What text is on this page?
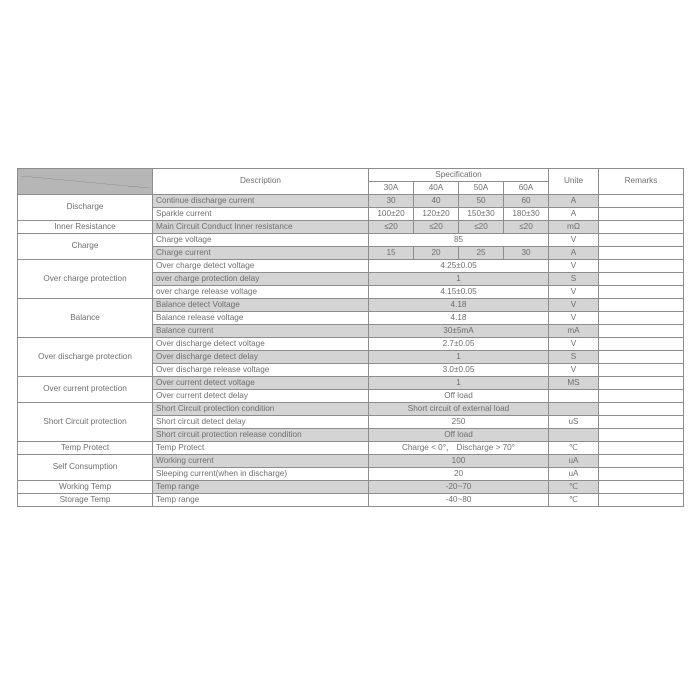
	Description	Specification				Unite	Remarks
		30A	40A	50A	60A		
Discharge	Continue discharge current	30	40	50	60	A	
	Sparkle current	100±20	120±20	150±30	180±30	A	
Inner Resistance	Main Circuit Conduct Inner resistance	≤20	≤20	≤20	≤20	mΩ	
Charge	Charge voltage	85				V	
	Charge current	15	20	25	30	A	
Over charge protection	Over charge detect voltage	4.25±0.05				V	
	over charge protection delay	1				S	
	over charge release voltage	4.15±0.05				V	
Balance	Balance detect Voltage	4.18				V	
	Balance release voltage	4.18				V	
	Balance current	30±5mA				mA	
Over discharge protection	Over discharge detect voltage	2.7±0.05				V	
	Over discharge detect delay	1				S	
	Over discharge release voltage	3.0±0.05				V	
Over current protection	Over current detect voltage	1				MS	
	Over current detect delay	Off load					
Short Circuit protection	Short Circuit protection condition	Short circuit of external load					
	Short circuit detect delay	250				uS	
	Short circuit protection release condition	Off load					
Temp Protect	Temp Protect	Charge < 0°， Discharge > 70°				℃	
Self Consumption	Working current	100				uA	
	Sleeping current(when in discharge)	20				uA	
Working Temp	Temp range	-20~70				℃	
Storage Temp	Temp range	-40~80				℃	
